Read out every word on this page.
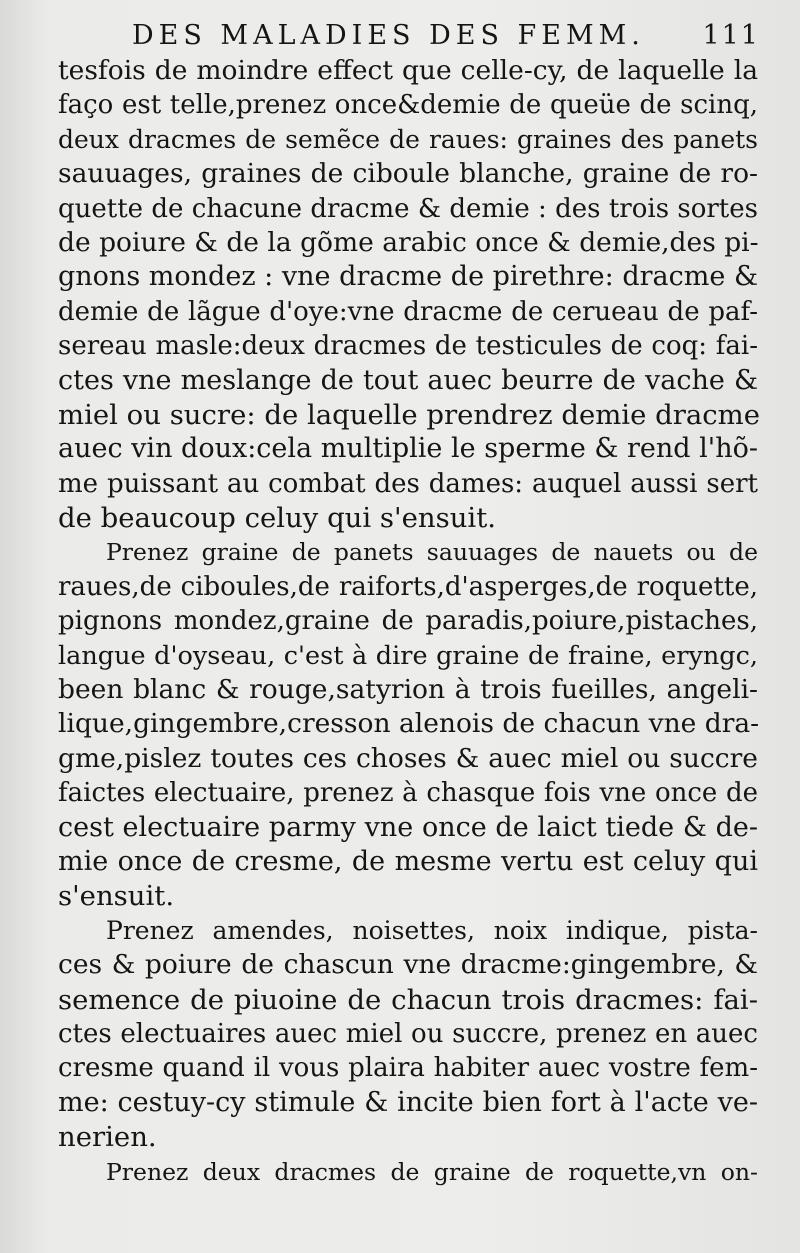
DES MALADIES DES FEMM. 111
tesfois de moindre effect que celle-cy, de laquelle la
faço est telle,prenez once&demie de queüe de scinq,
deux dracmes de semẽce de raues: graines des panets
sauuages, graines de ciboule blanche, graine de ro-
quette de chacune dracme & demie : des trois sortes
de poiure & de la gõme arabic once & demie,des pi-
gnons mondez : vne dracme de pirethre: dracme &
demie de lãgue d'oye:vne dracme de cerueau de paf-
sereau masle:deux dracmes de testicules de coq: fai-
ctes vne meslange de tout auec beurre de vache &
miel ou sucre: de laquelle prendrez demie dracme
auec vin doux:cela multiplie le sperme & rend l'hõ-
me puissant au combat des dames: auquel aussi sert
de beaucoup celuy qui s'ensuit.
Prenez graine de panets sauuages de nauets ou de
raues,de ciboules,de raiforts,d'asperges,de roquette,
pignons mondez,graine de paradis,poiure,pistaches,
langue d'oyseau, c'est à dire graine de fraine, eryngc,
been blanc & rouge,satyrion à trois fueilles, angeli-
lique,gingembre,cresson alenois de chacun vne dra-
gme,pislez toutes ces choses & auec miel ou succre
faictes electuaire, prenez à chasque fois vne once de
cest electuaire parmy vne once de laict tiede & de-
mie once de cresme, de mesme vertu est celuy qui
s'ensuit.
Prenez amendes, noisettes, noix indique, pista-
ces & poiure de chascun vne dracme:gingembre, &
semence de piuoine de chacun trois dracmes: fai-
ctes electuaires auec miel ou succre, prenez en auec
cresme quand il vous plaira habiter auec vostre fem-
me: cestuy-cy stimule & incite bien fort à l'acte ve-
nerien.
Prenez deux dracmes de graine de roquette,vn on-
